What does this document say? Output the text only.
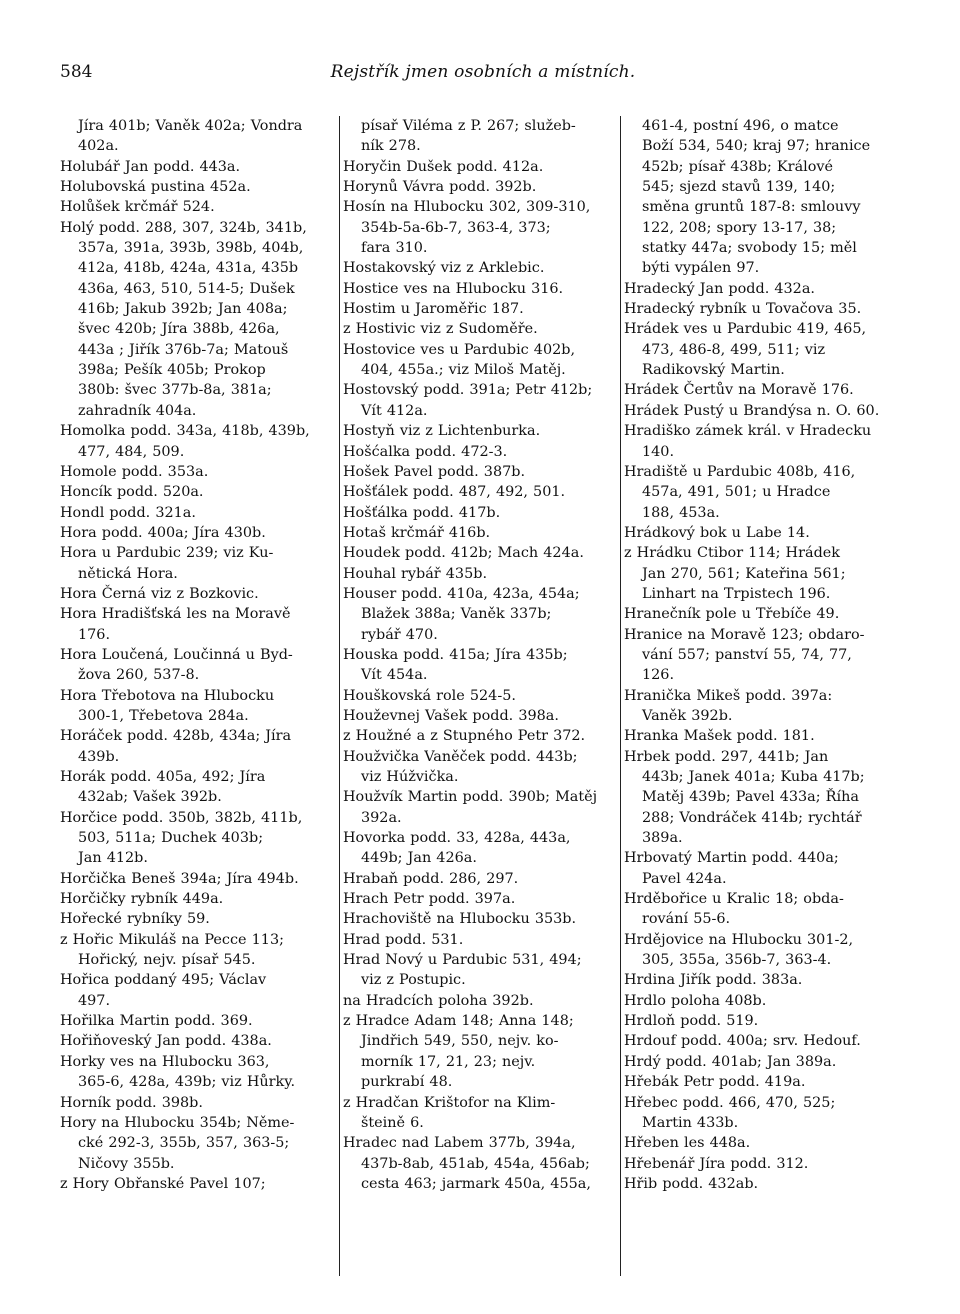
584	Rejstřík jmen osobních a místních.
Jíra 401b; Vaněk 402a; Vondra
402a.
Holubář Jan podd. 443a.
Holubovská pustina 452a.
Holůšek krčmář 524.
Holý podd. 288, 307, 324b, 341b,
357a, 391a, 393b, 398b, 404b,
412a, 418b, 424a, 431a, 435b
436a, 463, 510, 514-5; Dušek
416b; Jakub 392b; Jan 408a;
švec 420b; Jíra 388b, 426a,
443a ; Jiřík 376b-7a; Matouš
398a; Pešík 405b; Prokop
380b: švec 377b-8a, 381a;
zahradník 404a.
Homolka podd. 343a, 418b, 439b,
477, 484, 509.
Homole podd. 353a.
Honcík podd. 520a.
Hondl podd. 321a.
Hora podd. 400a; Jíra 430b.
Hora u Pardubic 239; viz Ku-
nětická Hora.
Hora Černá viz z Bozkovic.
Hora Hradišťská les na Moravě
176.
Hora Loučená, Loučinná u Byd-
žova 260, 537-8.
Hora Třebotova na Hlubocku
300-1, Třebetova 284a.
Horáček podd. 428b, 434a; Jíra
439b.
Horák podd. 405a, 492; Jíra
432ab; Vašek 392b.
Horčice podd. 350b, 382b, 411b,
503, 511a; Duchek 403b;
Jan 412b.
Horčička Beneš 394a; Jíra 494b.
Horčičky rybník 449a.
Hořecké rybníky 59.
z Hořic Mikuláš na Pecce 113;
Hořický, nejv. písař 545.
Hořica poddaný 495; Václav
497.
Hořilka Martin podd. 369.
Hořiňoveský Jan podd. 438a.
Horky ves na Hlubocku 363,
365-6, 428a, 439b; viz Hůrky.
Horník podd. 398b.
Hory na Hlubocku 354b; Něme-
cké 292-3, 355b, 357, 363-5;
Ničovy 355b.
z Hory Obřanské Pavel 107;
písař Viléma z P. 267; služeb-
ník 278.
Horyčin Dušek podd. 412a.
Horynů Vávra podd. 392b.
Hosín na Hlubocku 302, 309-310,
354b-5a-6b-7, 363-4, 373;
fara 310.
Hostakovský viz z Arklebic.
Hostice ves na Hlubocku 316.
Hostim u Jaroměřic 187.
z Hostivic viz z Sudoměře.
Hostovice ves u Pardubic 402b,
404, 455a.; viz Miloš Matěj.
Hostovský podd. 391a; Petr 412b;
Vít 412a.
Hostyň viz z Lichtenburka.
Hošćalka podd. 472-3.
Hošek Pavel podd. 387b.
Hošťálek podd. 487, 492, 501.
Hošťálka podd. 417b.
Hotaš krčmář 416b.
Houdek podd. 412b; Mach 424a.
Houhal rybář 435b.
Houser podd. 410a, 423a, 454a;
Blažek 388a; Vaněk 337b;
rybář 470.
Houska podd. 415a; Jíra 435b;
Vít 454a.
Houškovská role 524-5.
Houževnej Vašek podd. 398a.
z Houžné a z Stupného Petr 372.
Houžvička Vaněček podd. 443b;
viz Húžvička.
Houžvík Martin podd. 390b; Matěj
392a.
Hovorka podd. 33, 428a, 443a,
449b; Jan 426a.
Hrabaň podd. 286, 297.
Hrach Petr podd. 397a.
Hrachoviště na Hlubocku 353b.
Hrad podd. 531.
Hrad Nový u Pardubic 531, 494;
viz z Postupic.
na Hradcích poloha 392b.
z Hradce Adam 148; Anna 148;
Jindřich 549, 550, nejv. ko-
morník 17, 21, 23; nejv.
purkrabí 48.
z Hradčan Krištofor na Klim-
šteině 6.
Hradec nad Labem 377b, 394a,
437b-8ab, 451ab, 454a, 456ab;
cesta 463; jarmark 450a, 455a,
461-4, postní 496, o matce
Boží 534, 540; kraj 97; hranice
452b; písař 438b; Králové
545; sjezd stavů 139, 140;
směna gruntů 187-8: smlouvy
122, 208; spory 13-17, 38;
statky 447a; svobody 15; měl
býti vypálen 97.
Hradecký Jan podd. 432a.
Hradecký rybník u Tovačova 35.
Hrádek ves u Pardubic 419, 465,
473, 486-8, 499, 511; viz
Radikovský Martin.
Hrádek Čertův na Moravě 176.
Hrádek Pustý u Brandýsa n. O. 60.
Hradiško zámek král. v Hradecku
140.
Hradiště u Pardubic 408b, 416,
457a, 491, 501; u Hradce
188, 453a.
Hrádkový bok u Labe 14.
z Hrádku Ctibor 114; Hrádek
Jan 270, 561; Kateřina 561;
Linhart na Trpistech 196.
Hraneční​k pole u Třebíče 49.
Hranice na Moravě 123; obdaro-
vání 557; panství 55, 74, 77,
126.
Hranička Mikeš podd. 397a:
Vaněk 392b.
Hranka Mašek podd. 181.
Hrbek podd. 297, 441b; Jan
443b; Janek 401a; Kuba 417b;
Matěj 439b; Pavel 433a; Říha
288; Vondráček 414b; rychtář
389a.
Hrbovatý Martin podd. 440a;
Pavel 424a.
Hrděbořice u Kralic 18; obda-
rování 55-6.
Hrdějovice na Hlubocku 301-2,
305, 355a, 356b-7, 363-4.
Hrdina Jiřík podd. 383a.
Hrdlo poloha 408b.
Hrdloň podd. 519.
Hrdouf podd. 400a; srv. Hedouf.
Hrdý podd. 401ab; Jan 389a.
Hřebák Petr podd. 419a.
Hřebec podd. 466, 470, 525;
Martin 433b.
Hřeben les 448a.
Hřebenář Jíra podd. 312.
Hřib podd. 432ab.
